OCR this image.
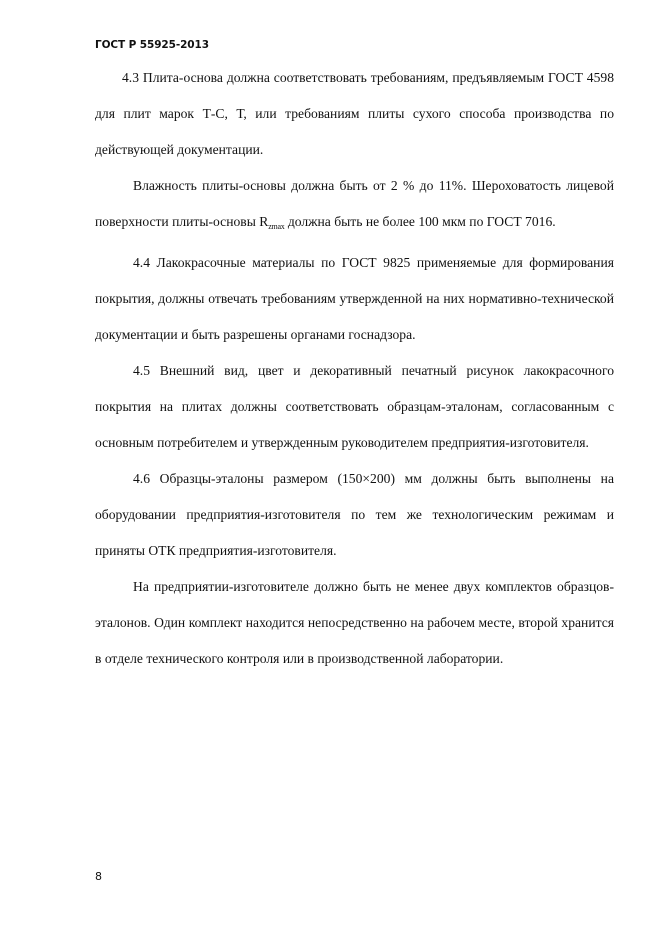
ГОСТ Р 55925-2013

4.3 Плита-основа должна соответствовать требованиям, предъявляемым ГОСТ 4598 для плит марок Т-С, Т, или требованиям плиты сухого способа производства по действующей документации.

Влажность плиты-основы должна быть от 2 % до 11%. Шероховатость лицевой поверхности плиты-основы $R_{zmax}$ должна быть не более 100 мкм по ГОСТ 7016.

4.4 Лакокрасочные материалы по ГОСТ 9825 применяемые для формирования покрытия, должны отвечать требованиям утвержденной на них нормативно-технической документации и быть разрешены органами госнадзора.

4.5 Внешний вид, цвет и декоративный печатный рисунок лакокрасочного покрытия на плитах должны соответствовать образцам-эталонам, согласованным с основным потребителем и утвержденным руководителем предприятия-изготовителя.

4.6 Образцы-эталоны размером (150×200) мм должны быть выполнены на оборудовании предприятия-изготовителя по тем же технологическим режимам и приняты ОТК предприятия-изготовителя.

На предприятии-изготовителе должно быть не менее двух комплектов образцов-эталонов. Один комплект находится непосредственно на рабочем месте, второй хранится в отделе технического контроля или в производственной лаборатории.

8
